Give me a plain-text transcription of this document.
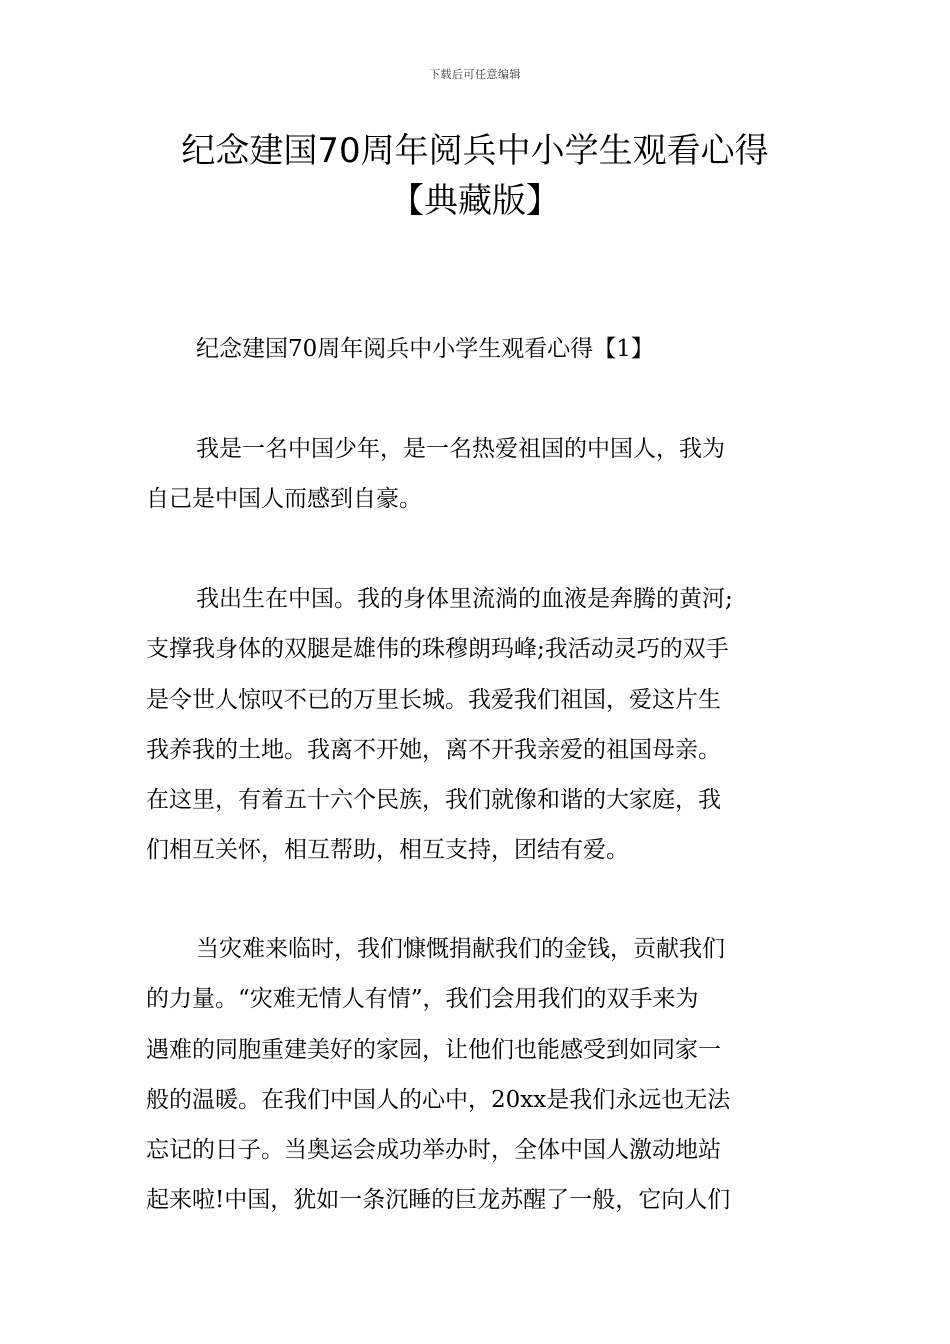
下载后可任意编辑
纪念建国70周年阅兵中小学生观看心得
【典藏版】
纪念建国70周年阅兵中小学生观看心得【1】
我是一名中国少年，是一名热爱祖国的中国人，我为
自己是中国人而感到自豪。
我出生在中国。我的身体里流淌的血液是奔腾的黄河;
支撑我身体的双腿是雄伟的珠穆朗玛峰;我活动灵巧的双手
是令世人惊叹不已的万里长城。我爱我们祖国，爱这片生
我养我的土地。我离不开她，离不开我亲爱的祖国母亲。
在这里，有着五十六个民族，我们就像和谐的大家庭，我
们相互关怀，相互帮助，相互支持，团结有爱。
当灾难来临时，我们慷慨捐献我们的金钱，贡献我们
的力量。“灾难无情人有情”，我们会用我们的双手来为
遇难的同胞重建美好的家园，让他们也能感受到如同家一
般的温暖。在我们中国人的心中，20xx是我们永远也无法
忘记的日子。当奥运会成功举办时，全体中国人激动地站
起来啦!中国，犹如一条沉睡的巨龙苏醒了一般，它向人们
